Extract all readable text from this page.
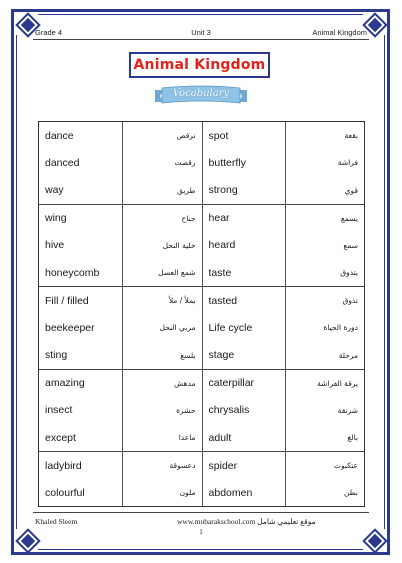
Grade 4	Unit 3	Animal Kingdom
Animal Kingdom
Vocabulary
dance	نرقص	spot	بقعة
danced	رقصت	butterfly	فراشة
way	طريق	strong	قوي
wing	جناح	hear	يسمع
hive	خلية النحل	heard	سمع
honeycomb	شمع العسل	taste	يتذوق
Fill / filled	يملأ / ملأ	tasted	تذوق
beekeeper	مربي النحل	Life cycle	دورة الحياة
sting	يلسع	stage	مرحلة
amazing	مدهش	caterpillar	يرقة الفراشة
insect	حشرة	chrysalis	شرنقة
except	ماعدا	adult	بالغ
ladybird	دعسوقة	spider	عنكبوت
colourful	ملون	abdomen	بطن
Khaled Sleem	www.mubarakschool.com موقع تعليمي شامل
1
